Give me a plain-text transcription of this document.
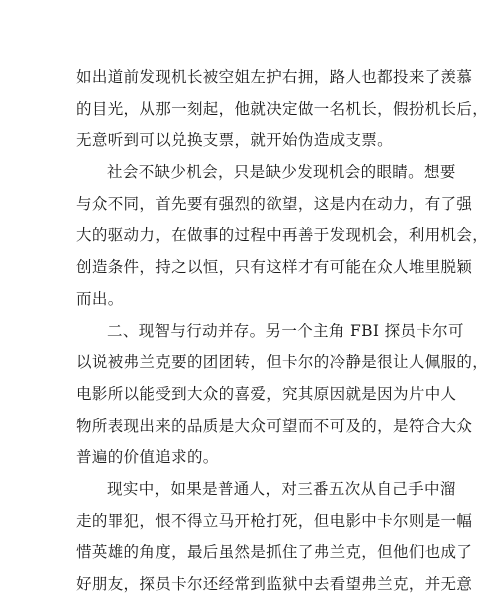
如出道前发现机长被空姐左护右拥，路人也都投来了羡慕
的目光，从那一刻起，他就决定做一名机长，假扮机长后，
无意听到可以兑换支票，就开始伪造成支票。
社会不缺少机会，只是缺少发现机会的眼睛。想要
与众不同，首先要有强烈的欲望，这是内在动力，有了强
大的驱动力，在做事的过程中再善于发现机会，利用机会，
创造条件，持之以恒，只有这样才有可能在众人堆里脱颖
而出。
二、现智与行动并存。另一个主角 FBI 探员卡尔可
以说被弗兰克要的团团转，但卡尔的冷静是很让人佩服的，
电影所以能受到大众的喜爱，究其原因就是因为片中人
物所表现出来的品质是大众可望而不可及的，是符合大众
普遍的价值追求的。
现实中，如果是普通人，对三番五次从自己手中溜
走的罪犯，恨不得立马开枪打死，但电影中卡尔则是一幅
惜英雄的角度，最后虽然是抓住了弗兰克，但他们也成了
好朋友，探员卡尔还经常到监狱中去看望弗兰克，并无意
